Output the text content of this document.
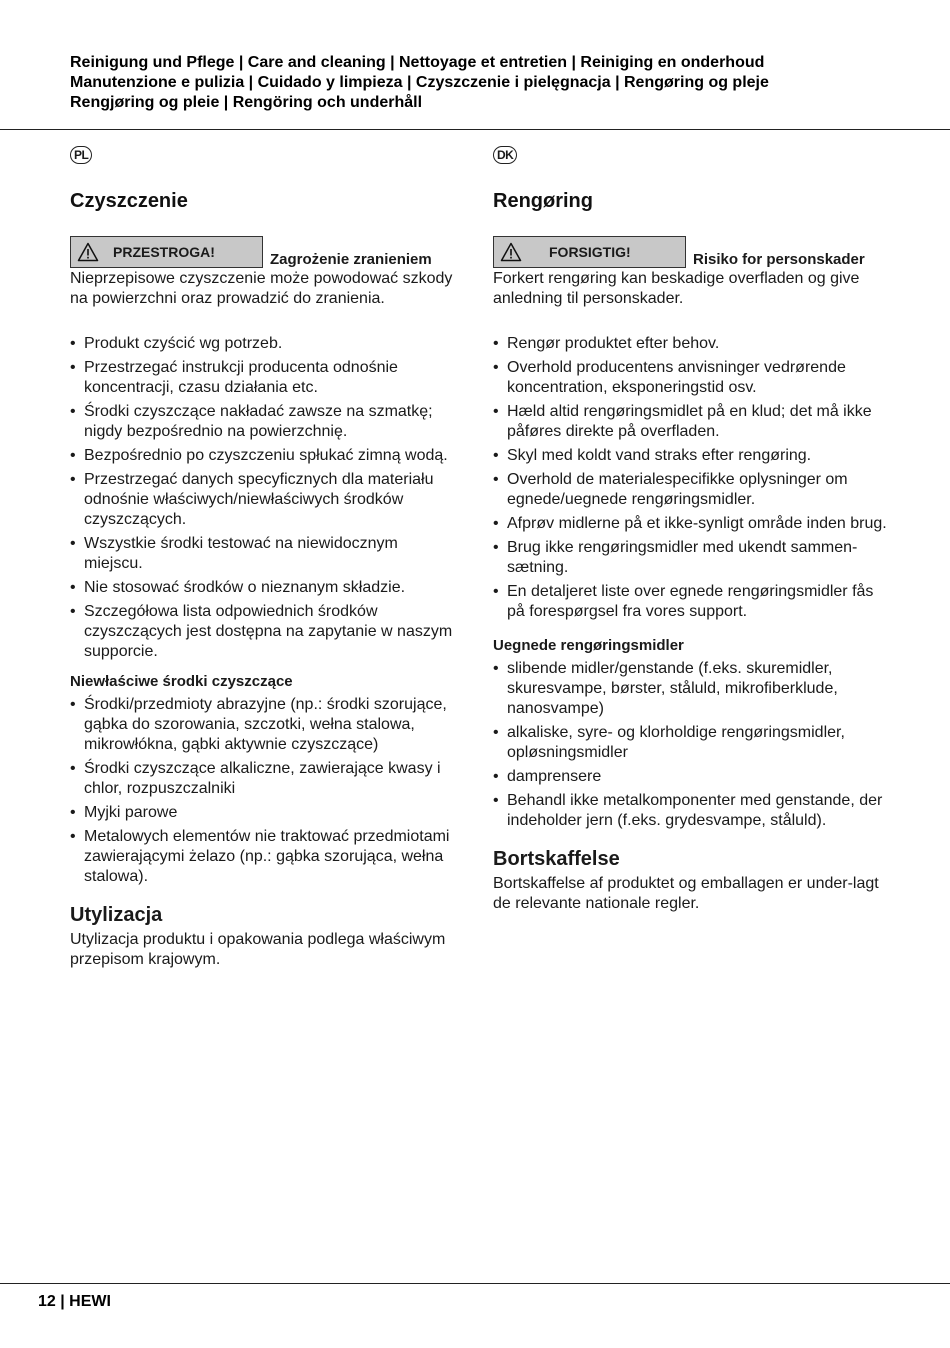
Reinigung und Pflege | Care and cleaning | Nettoyage et entretien | Reiniging en onderhoud
Manutenzione e pulizia | Cuidado y limpieza | Czyszczenie i pielęgnacja | Rengøring og pleje
Rengjøring og pleie | Rengöring och underhåll
PL
Czyszczenie
PRZESTROGA!	Zagrożenie zranieniem

Nieprzepisowe czyszczenie może powodować szkody na powierzchni oraz prowadzić do zranienia.

• Produkt czyścić wg potrzeb.
• Przestrzegać instrukcji producenta odnośnie koncentracji, czasu działania etc.
• Środki czyszczące nakładać zawsze na szmatkę; nigdy bezpośrednio na powierzchnię.
• Bezpośrednio po czyszczeniu spłukać zimną wodą.
• Przestrzegać danych specyficznych dla materiału odnośnie właściwych/niewłaściwych środków czyszczących.
• Wszystkie środki testować na niewidocznym miejscu.
• Nie stosować środków o nieznanym składzie.
• Szczegółowa lista odpowiednich środków czyszczących jest dostępna na zapytanie w naszym supporcie.
Niewłaściwe środki czyszczące
• Środki/przedmioty abrazyjne (np.: środki szorujące, gąbka do szorowania, szczotki, wełna stalowa, mikrowłókna, gąbki aktywnie czyszczące)
• Środki czyszczące alkaliczne, zawierające kwasy i chlor, rozpuszczalniki
• Myjki parowe
• Metalowych elementów nie traktować przedmiotami zawierającymi żelazo (np.: gąbka szorująca, wełna stalowa).
Utylizacja

Utylizacja produktu i opakowania podlega właściwym przepisom krajowym.

DK
Rengøring
FORSIGTIG!	Risiko for personskader

Forkert rengøring kan beskadige overfladen og give anledning til personskader.

• Rengør produktet efter behov.
• Overhold producentens anvisninger vedrørende koncentration, eksponeringstid osv.
• Hæld altid rengøringsmidlet på en klud; det må ikke påføres direkte på overfladen.
• Skyl med koldt vand straks efter rengøring.
• Overhold de materialespecifikke oplysninger om egnede/uegnede rengøringsmidler.
• Afprøv midlerne på et ikke-synligt område inden brug.
• Brug ikke rengøringsmidler med ukendt sammen-sætning.
• En detaljeret liste over egnede rengøringsmidler fås på forespørgsel fra vores support.
Uegnede rengøringsmidler
• slibende midler/genstande (f.eks. skuremidler, skuresvampe, børster, ståluld, mikrofiberklude, nanosvampe)
• alkaliske, syre- og klorholdige rengøringsmidler, opløsningsmidler
• damprensere
• Behandl ikke metalkomponenter med genstande, der indeholder jern (f.eks. grydesvampe, ståluld).
Bortskaffelse

Bortskaffelse af produktet og emballagen er under-lagt de relevante nationale regler.

12 | HEWI
